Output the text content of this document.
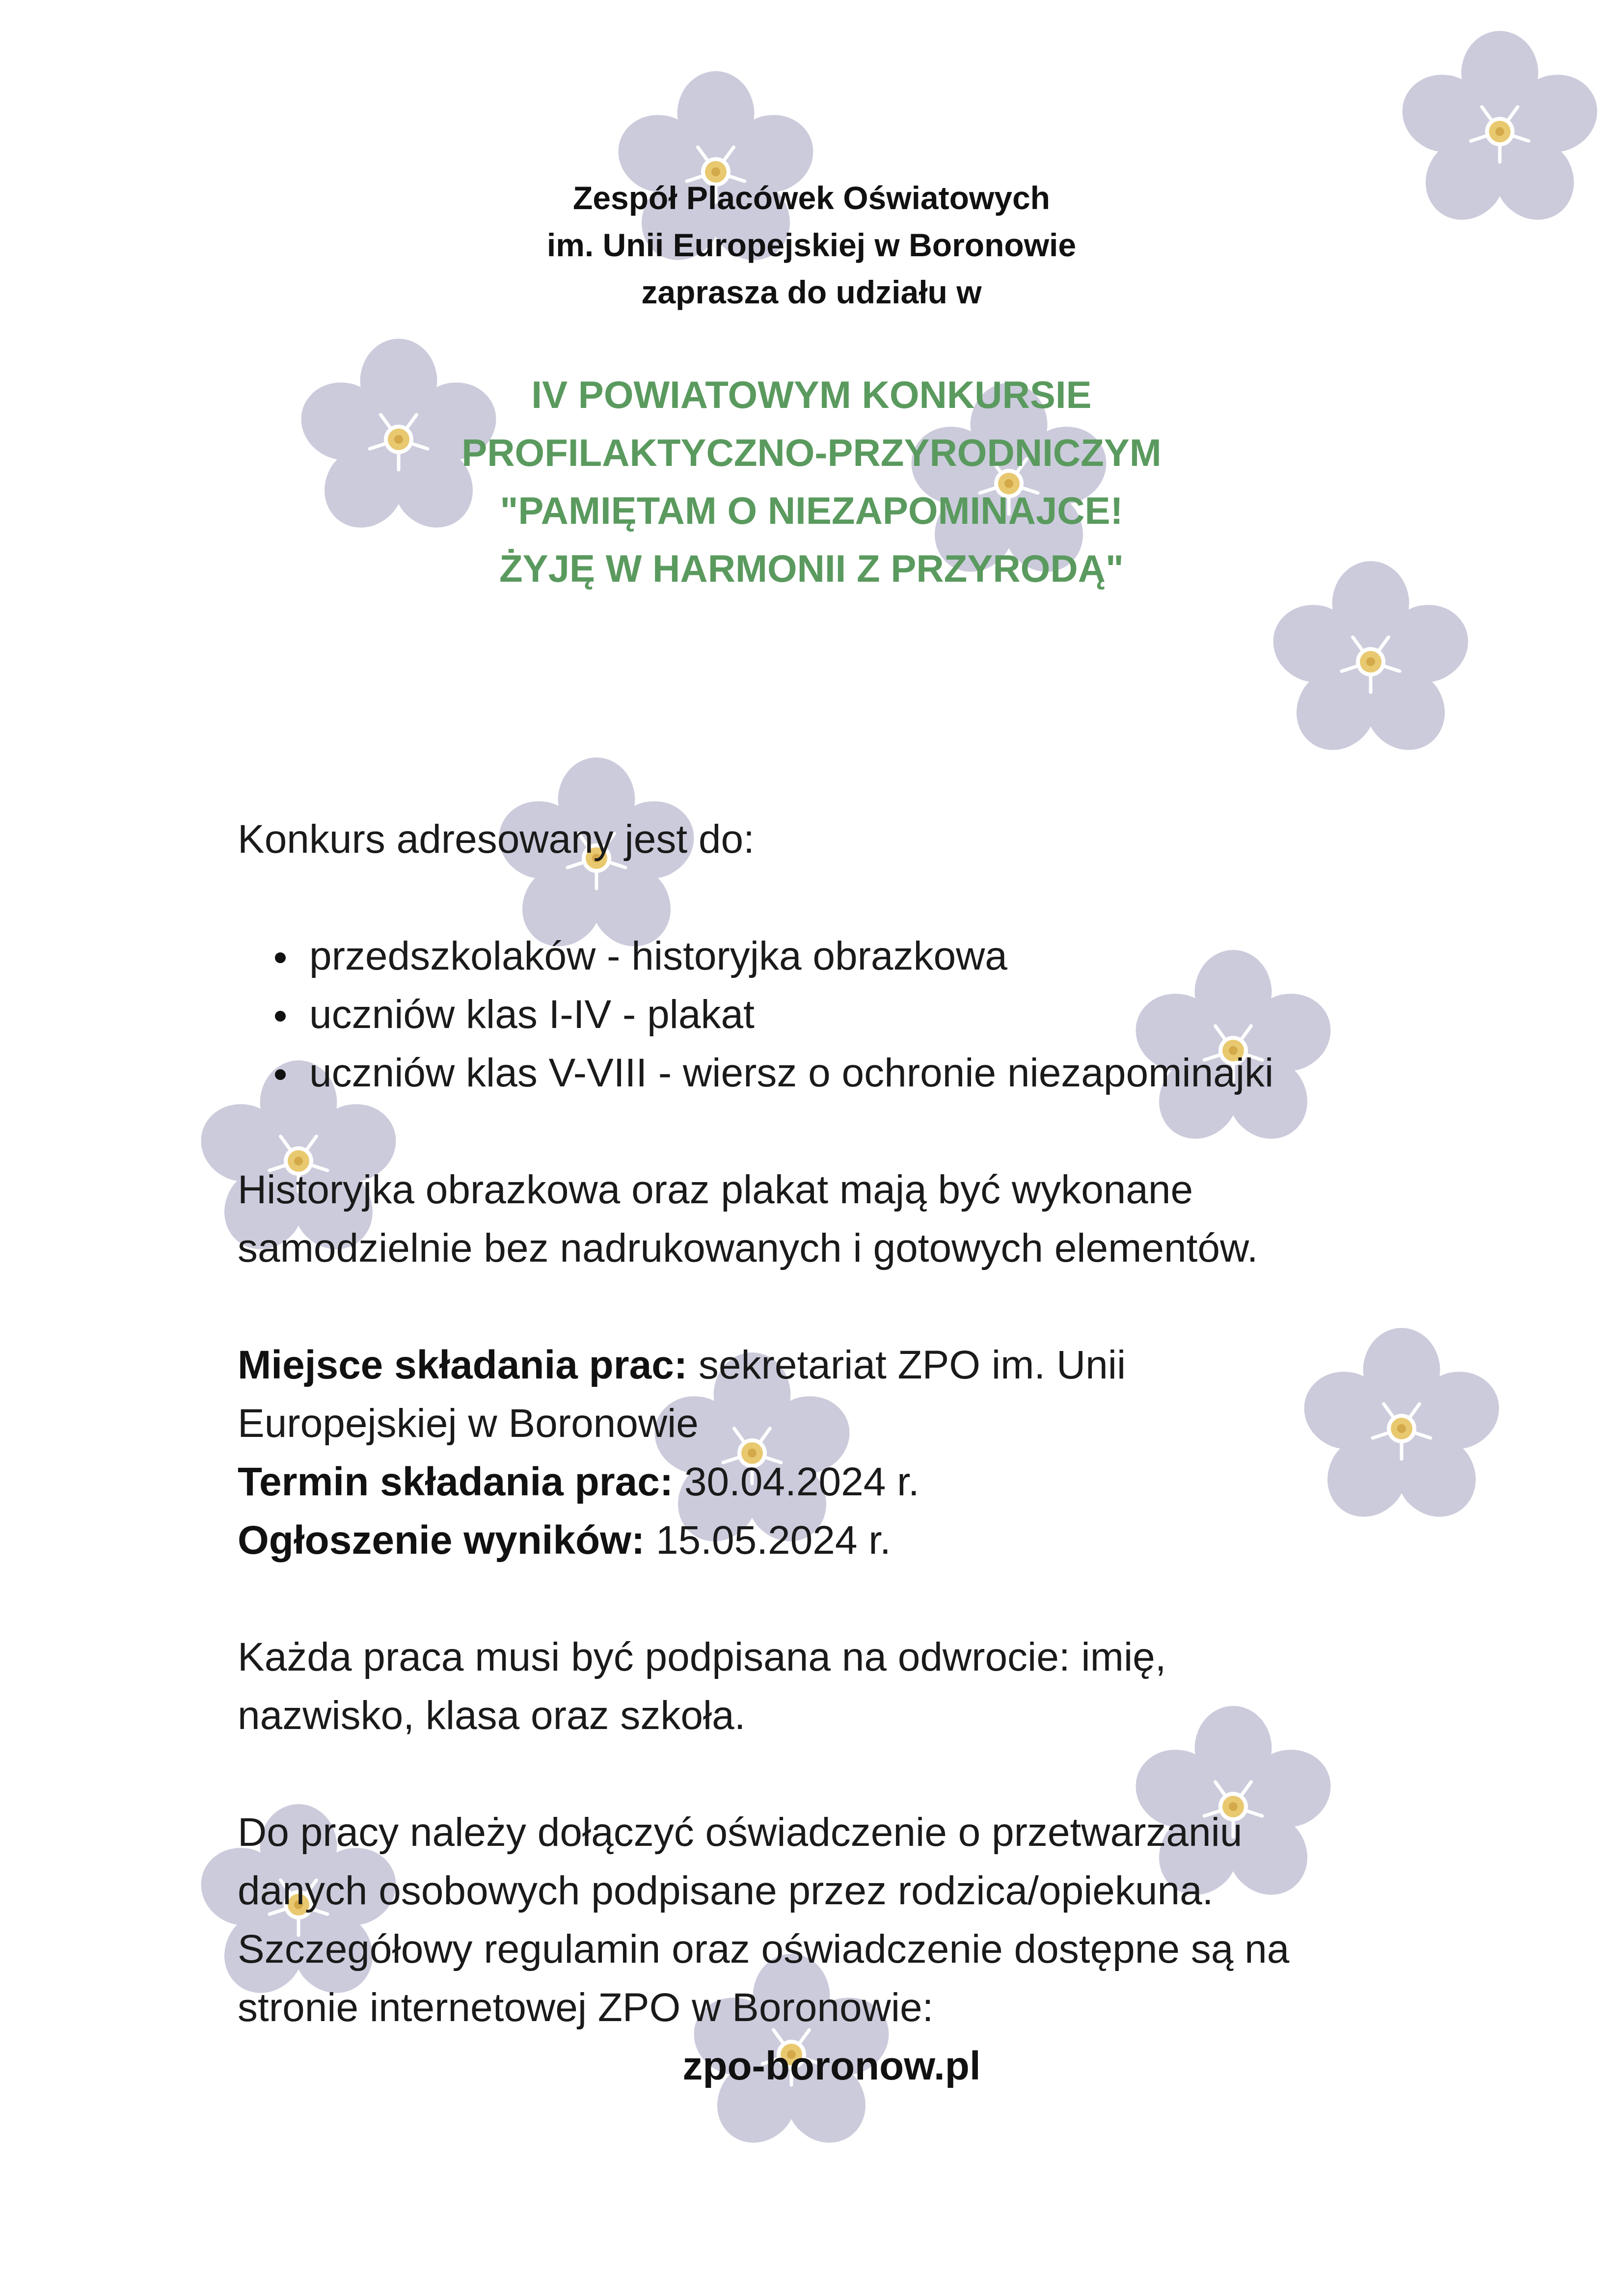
Zespół Placówek Oświatowych
im. Unii Europejskiej w Boronowie
zaprasza do udziału w
IV POWIATOWYM KONKURSIE
PROFILAKTYCZNO-PRZYRODNICZYM
"PAMIĘTAM O NIEZAPOMINAJCE!
ŻYJĘ W HARMONII Z PRZYRODĄ"

Konkurs adresowany jest do:

przedszkolaków - historyjka obrazkowa
uczniów klas I-IV - plakat
uczniów klas V-VIII - wiersz o ochronie niezapominajki

Historyjka obrazkowa oraz plakat mają być wykonane

samodzielnie bez nadrukowanych i gotowych elementów.

Miejsce składania prac: sekretariat ZPO im. Unii

Europejskiej w Boronowie

Termin składania prac: 30.04.2024 r.

Ogłoszenie wyników: 15.05.2024 r.

Każda praca musi być podpisana na odwrocie: imię,

nazwisko, klasa oraz szkoła.

Do pracy należy dołączyć oświadczenie o przetwarzaniu

danych osobowych podpisane przez rodzica/opiekuna.

Szczegółowy regulamin oraz oświadczenie dostępne są na

stronie internetowej ZPO w Boronowie:

zpo-boronow.pl
